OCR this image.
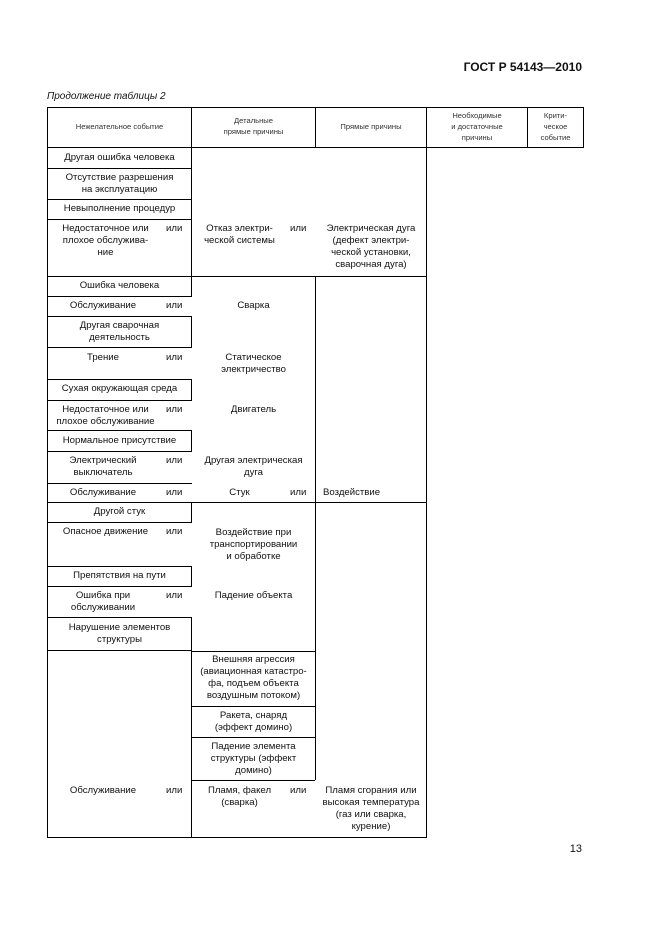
ГОСТ Р 54143—2010
Продолжение таблицы 2
Нежелательное событие
Детальные
прямые причины
Прямые причины
Необходимые
и достаточные
причины
Крити-
ческое
событие
Другая ошибка человека
Отсутствие разрешения
на эксплуатацию
Невыполнение процедур
Недостаточное или
плохое обслужива-
ние
Ошибка человека
Обслуживание
Другая сварочная
деятельность
Трение
Сухая окружающая среда
Недостаточное или
плохое обслуживание
Нормальное присутствие
Электрический
выключатель
Обслуживание
Другой стук
Опасное движение
Препятствия на пути
Ошибка при
обслуживании
Нарушение элементов
структуры
Обслуживание
или
или
или
или
или
или
или
или
или
Отказ электри-
ческой системы
Сварка
Статическое
электричество
Двигатель
Другая электрическая
дуга
Стук
Воздействие при
транспортировании
и обработке
Падение объекта
Внешняя агрессия
(авиационная катастро-
фа, подъем объекта
воздушным потоком)
Ракета, снаряд
(эффект домино)
Падение элемента
структуры (эффект
домино)
Пламя, факел
(сварка)
или
или
или
Электрическая дуга
(дефект электри-
ческой установки,
сварочная дуга)
Воздействие
Пламя сгорания или
высокая температура
(газ или сварка,
курение)
13
